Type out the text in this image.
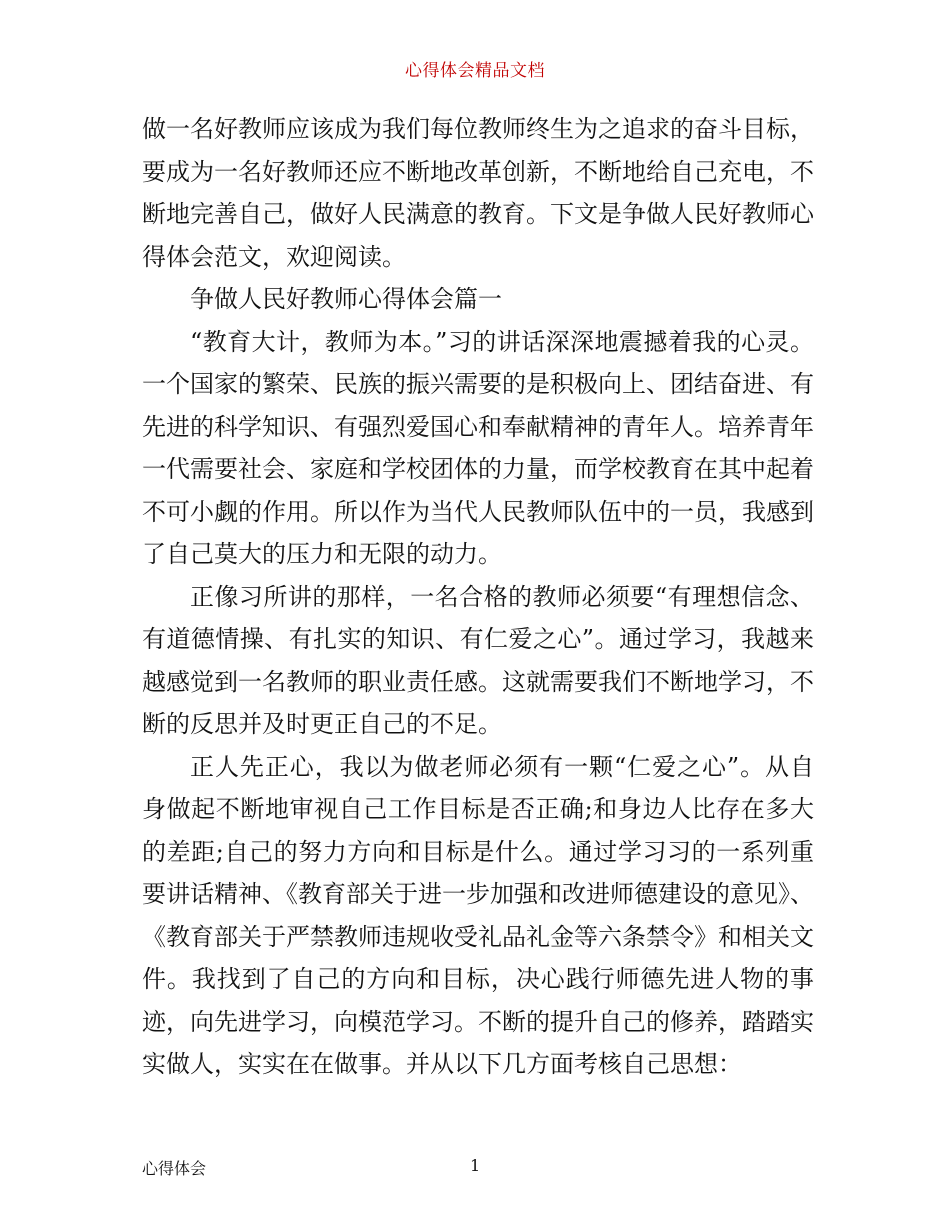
心得体会精品文档

做一名好教师应该成为我们每位教师终生为之追求的奋斗目标，要成为一名好教师还应不断地改革创新，不断地给自己充电，不断地完善自己，做好人民满意的教育。下文是争做人民好教师心得体会范文，欢迎阅读。

争做人民好教师心得体会篇一

“教育大计，教师为本。”习的讲话深深地震撼着我的心灵。一个国家的繁荣、民族的振兴需要的是积极向上、团结奋进、有先进的科学知识、有强烈爱国心和奉献精神的青年人。培养青年一代需要社会、家庭和学校团体的力量，而学校教育在其中起着不可小觑的作用。所以作为当代人民教师队伍中的一员，我感到了自己莫大的压力和无限的动力。

正像习所讲的那样，一名合格的教师必须要“有理想信念、有道德情操、有扎实的知识、有仁爱之心”。通过学习，我越来越感觉到一名教师的职业责任感。这就需要我们不断地学习，不断的反思并及时更正自己的不足。

正人先正心，我以为做老师必须有一颗“仁爱之心”。从自身做起不断地审视自己工作目标是否正确;和身边人比存在多大的差距;自己的努力方向和目标是什么。通过学习习的一系列重要讲话精神、《教育部关于进一步加强和改进师德建设的意见》、《教育部关于严禁教师违规收受礼品礼金等六条禁令》和相关文件。我找到了自己的方向和目标，决心践行师德先进人物的事迹，向先进学习，向模范学习。不断的提升自己的修养，踏踏实实做人，实实在在做事。并从以下几方面考核自己思想：

心得体会	1
